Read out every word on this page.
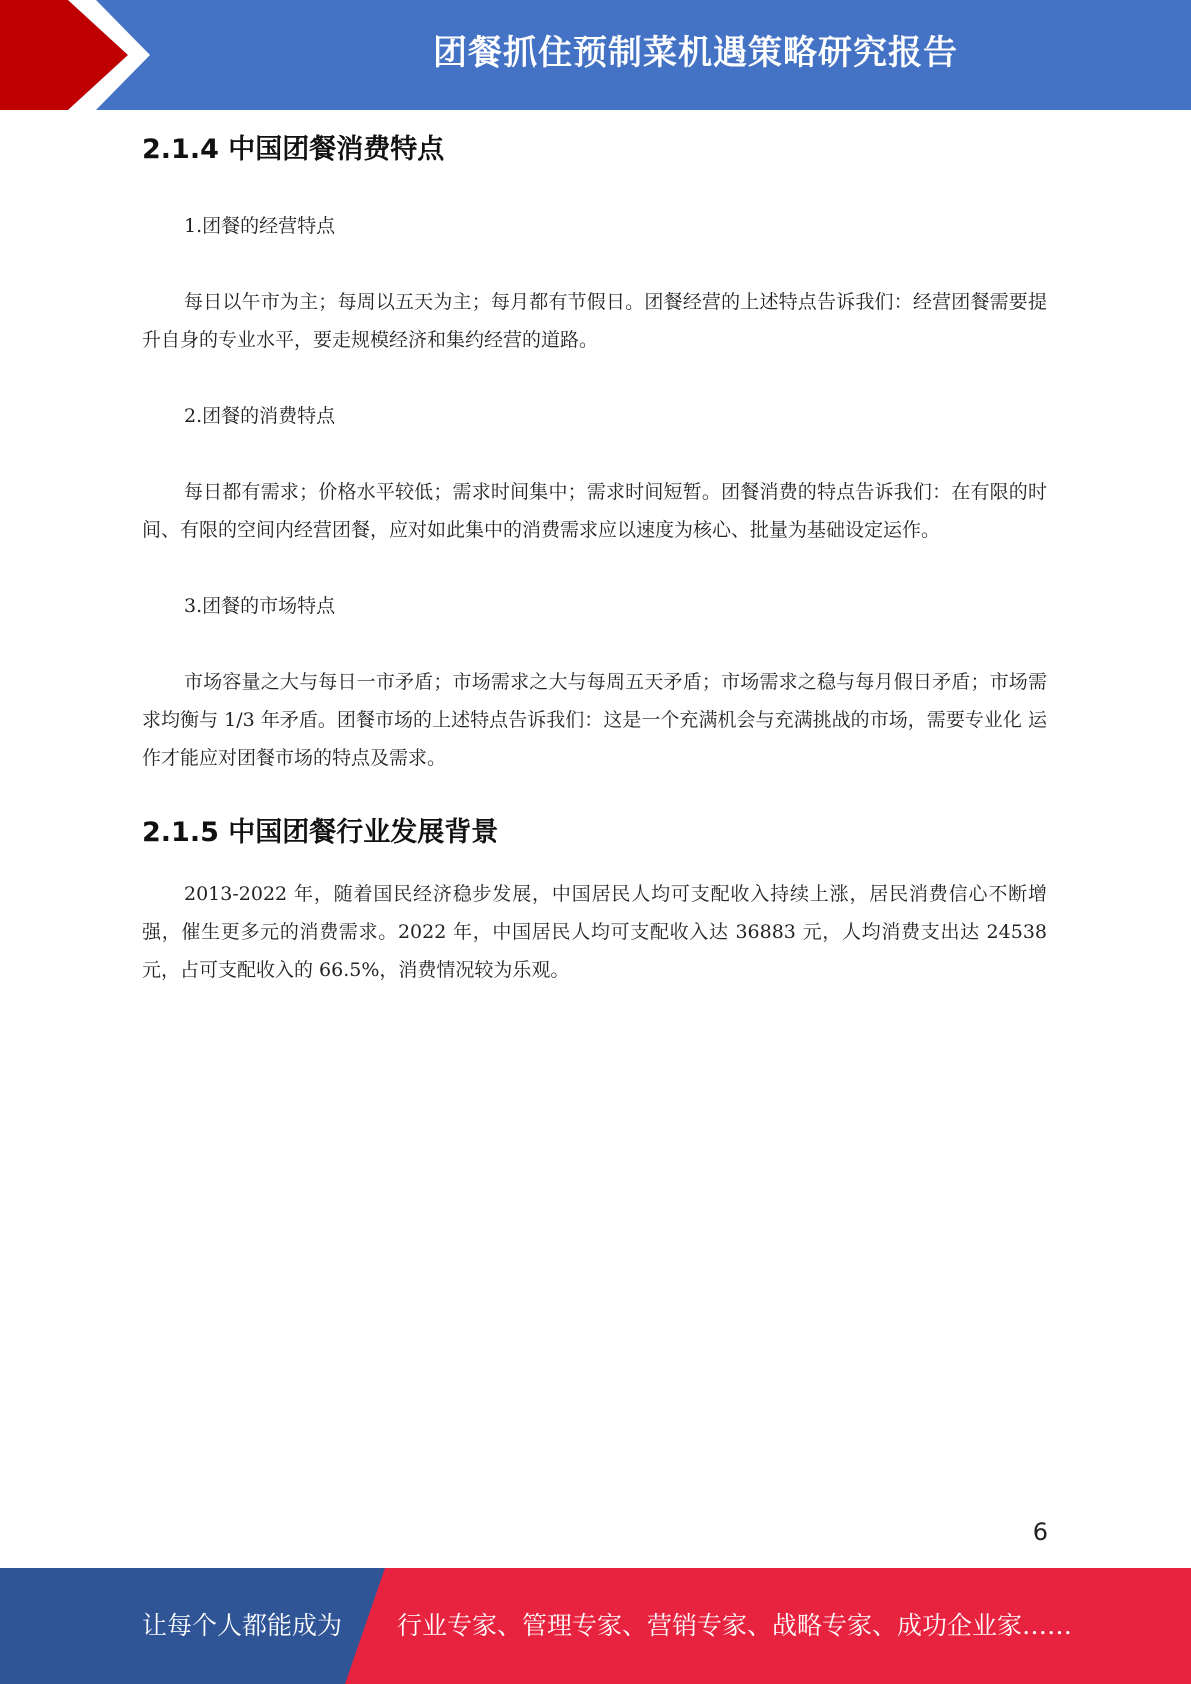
团餐抓住预制菜机遇策略研究报告
2.1.4 中国团餐消费特点

1.团餐的经营特点

每日以午市为主；每周以五天为主；每月都有节假日。团餐经营的上述特点告诉我们：经营团餐需要提升自身的专业水平，要走规模经济和集约经营的道路。

2.团餐的消费特点

每日都有需求；价格水平较低；需求时间集中；需求时间短暂。团餐消费的特点告诉我们：在有限的时间、有限的空间内经营团餐，应对如此集中的消费需求应以速度为核心、批量为基础设定运作。

3.团餐的市场特点

市场容量之大与每日一市矛盾；市场需求之大与每周五天矛盾；市场需求之稳与每月假日矛盾；市场需求均衡与 1/3 年矛盾。团餐市场的上述特点告诉我们：这是一个充满机会与充满挑战的市场，需要专业化 运作才能应对团餐市场的特点及需求。

2.1.5 中国团餐行业发展背景

2013-2022 年，随着国民经济稳步发展，中国居民人均可支配收入持续上涨，居民消费信心不断增强，催生更多元的消费需求。2022 年，中国居民人均可支配收入达 36883 元，人均消费支出达 24538 元，占可支配收入的 66.5%，消费情况较为乐观。

6
让每个人都能成为 行业专家、管理专家、营销专家、战略专家、成功企业家……
